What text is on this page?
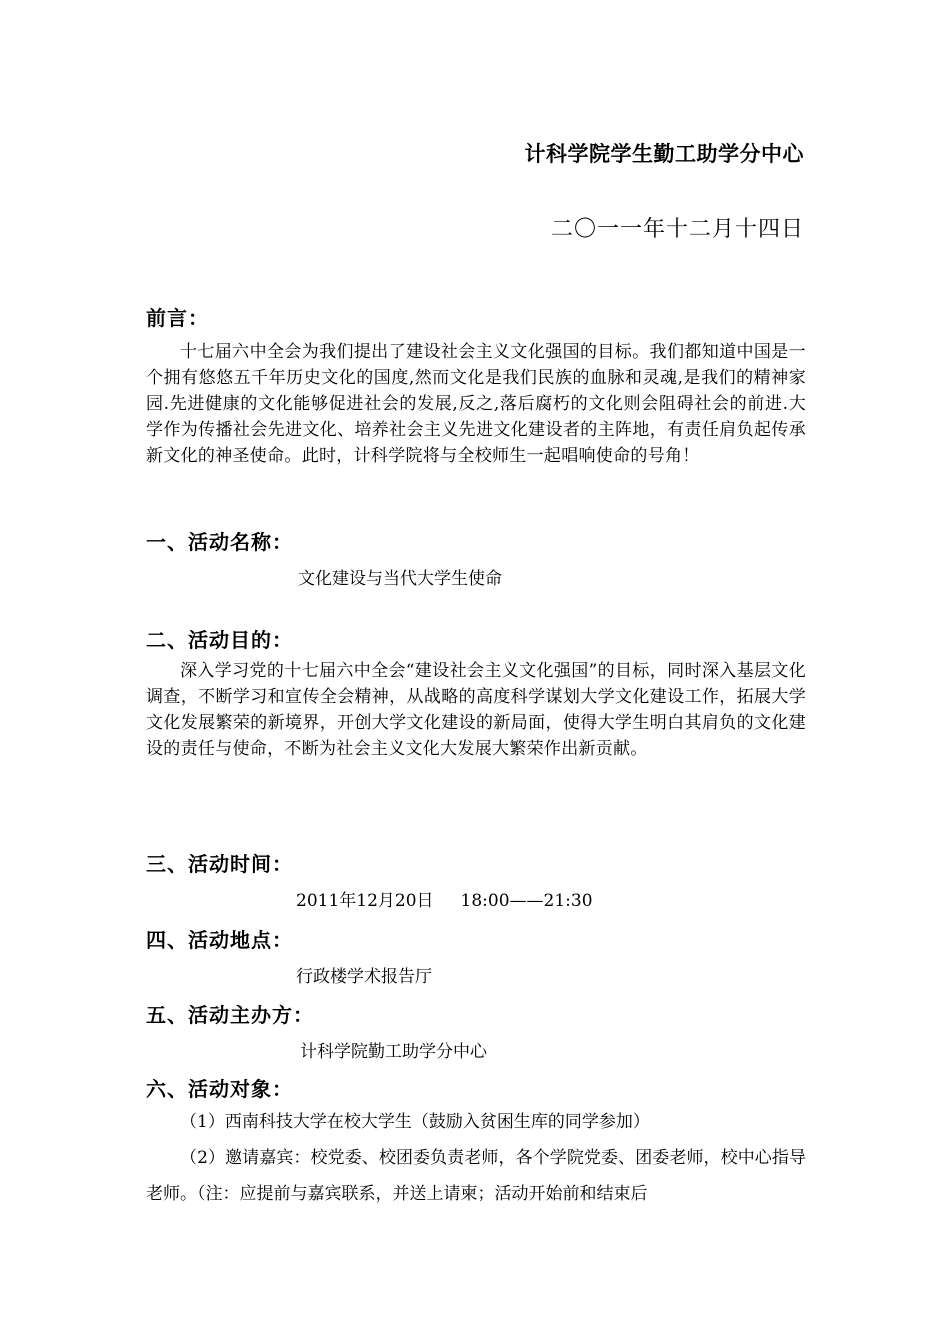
计科学院学生勤工助学分中心
二〇一一年十二月十四日
前言：
十七届六中全会为我们提出了建设社会主义文化强国的目标。我们都知道中国是一个拥有悠悠五千年历史文化的国度,然而文化是我们民族的血脉和灵魂,是我们的精神家园.先进健康的文化能够促进社会的发展,反之,落后腐朽的文化则会阻碍社会的前进.大学作为传播社会先进文化、培养社会主义先进文化建设者的主阵地，有责任肩负起传承新文化的神圣使命。此时，计科学院将与全校师生一起唱响使命的号角！
一、活动名称：
文化建设与当代大学生使命
二、活动目的：
深入学习党的十七届六中全会“建设社会主义文化强国”的目标，同时深入基层文化调查，不断学习和宣传全会精神，从战略的高度科学谋划大学文化建设工作，拓展大学文化发展繁荣的新境界，开创大学文化建设的新局面，使得大学生明白其肩负的文化建设的责任与使命，不断为社会主义文化大发展大繁荣作出新贡献。
三、活动时间：
2011年12月20日     18:00——21:30
四、活动地点：
行政楼学术报告厅
五、活动主办方：
计科学院勤工助学分中心
六、活动对象：
（1）西南科技大学在校大学生（鼓励入贫困生库的同学参加）
（2）邀请嘉宾：校党委、校团委负责老师，各个学院党委、团委老师，校中心指导老师。（注：应提前与嘉宾联系，并送上请柬；活动开始前和结束后
